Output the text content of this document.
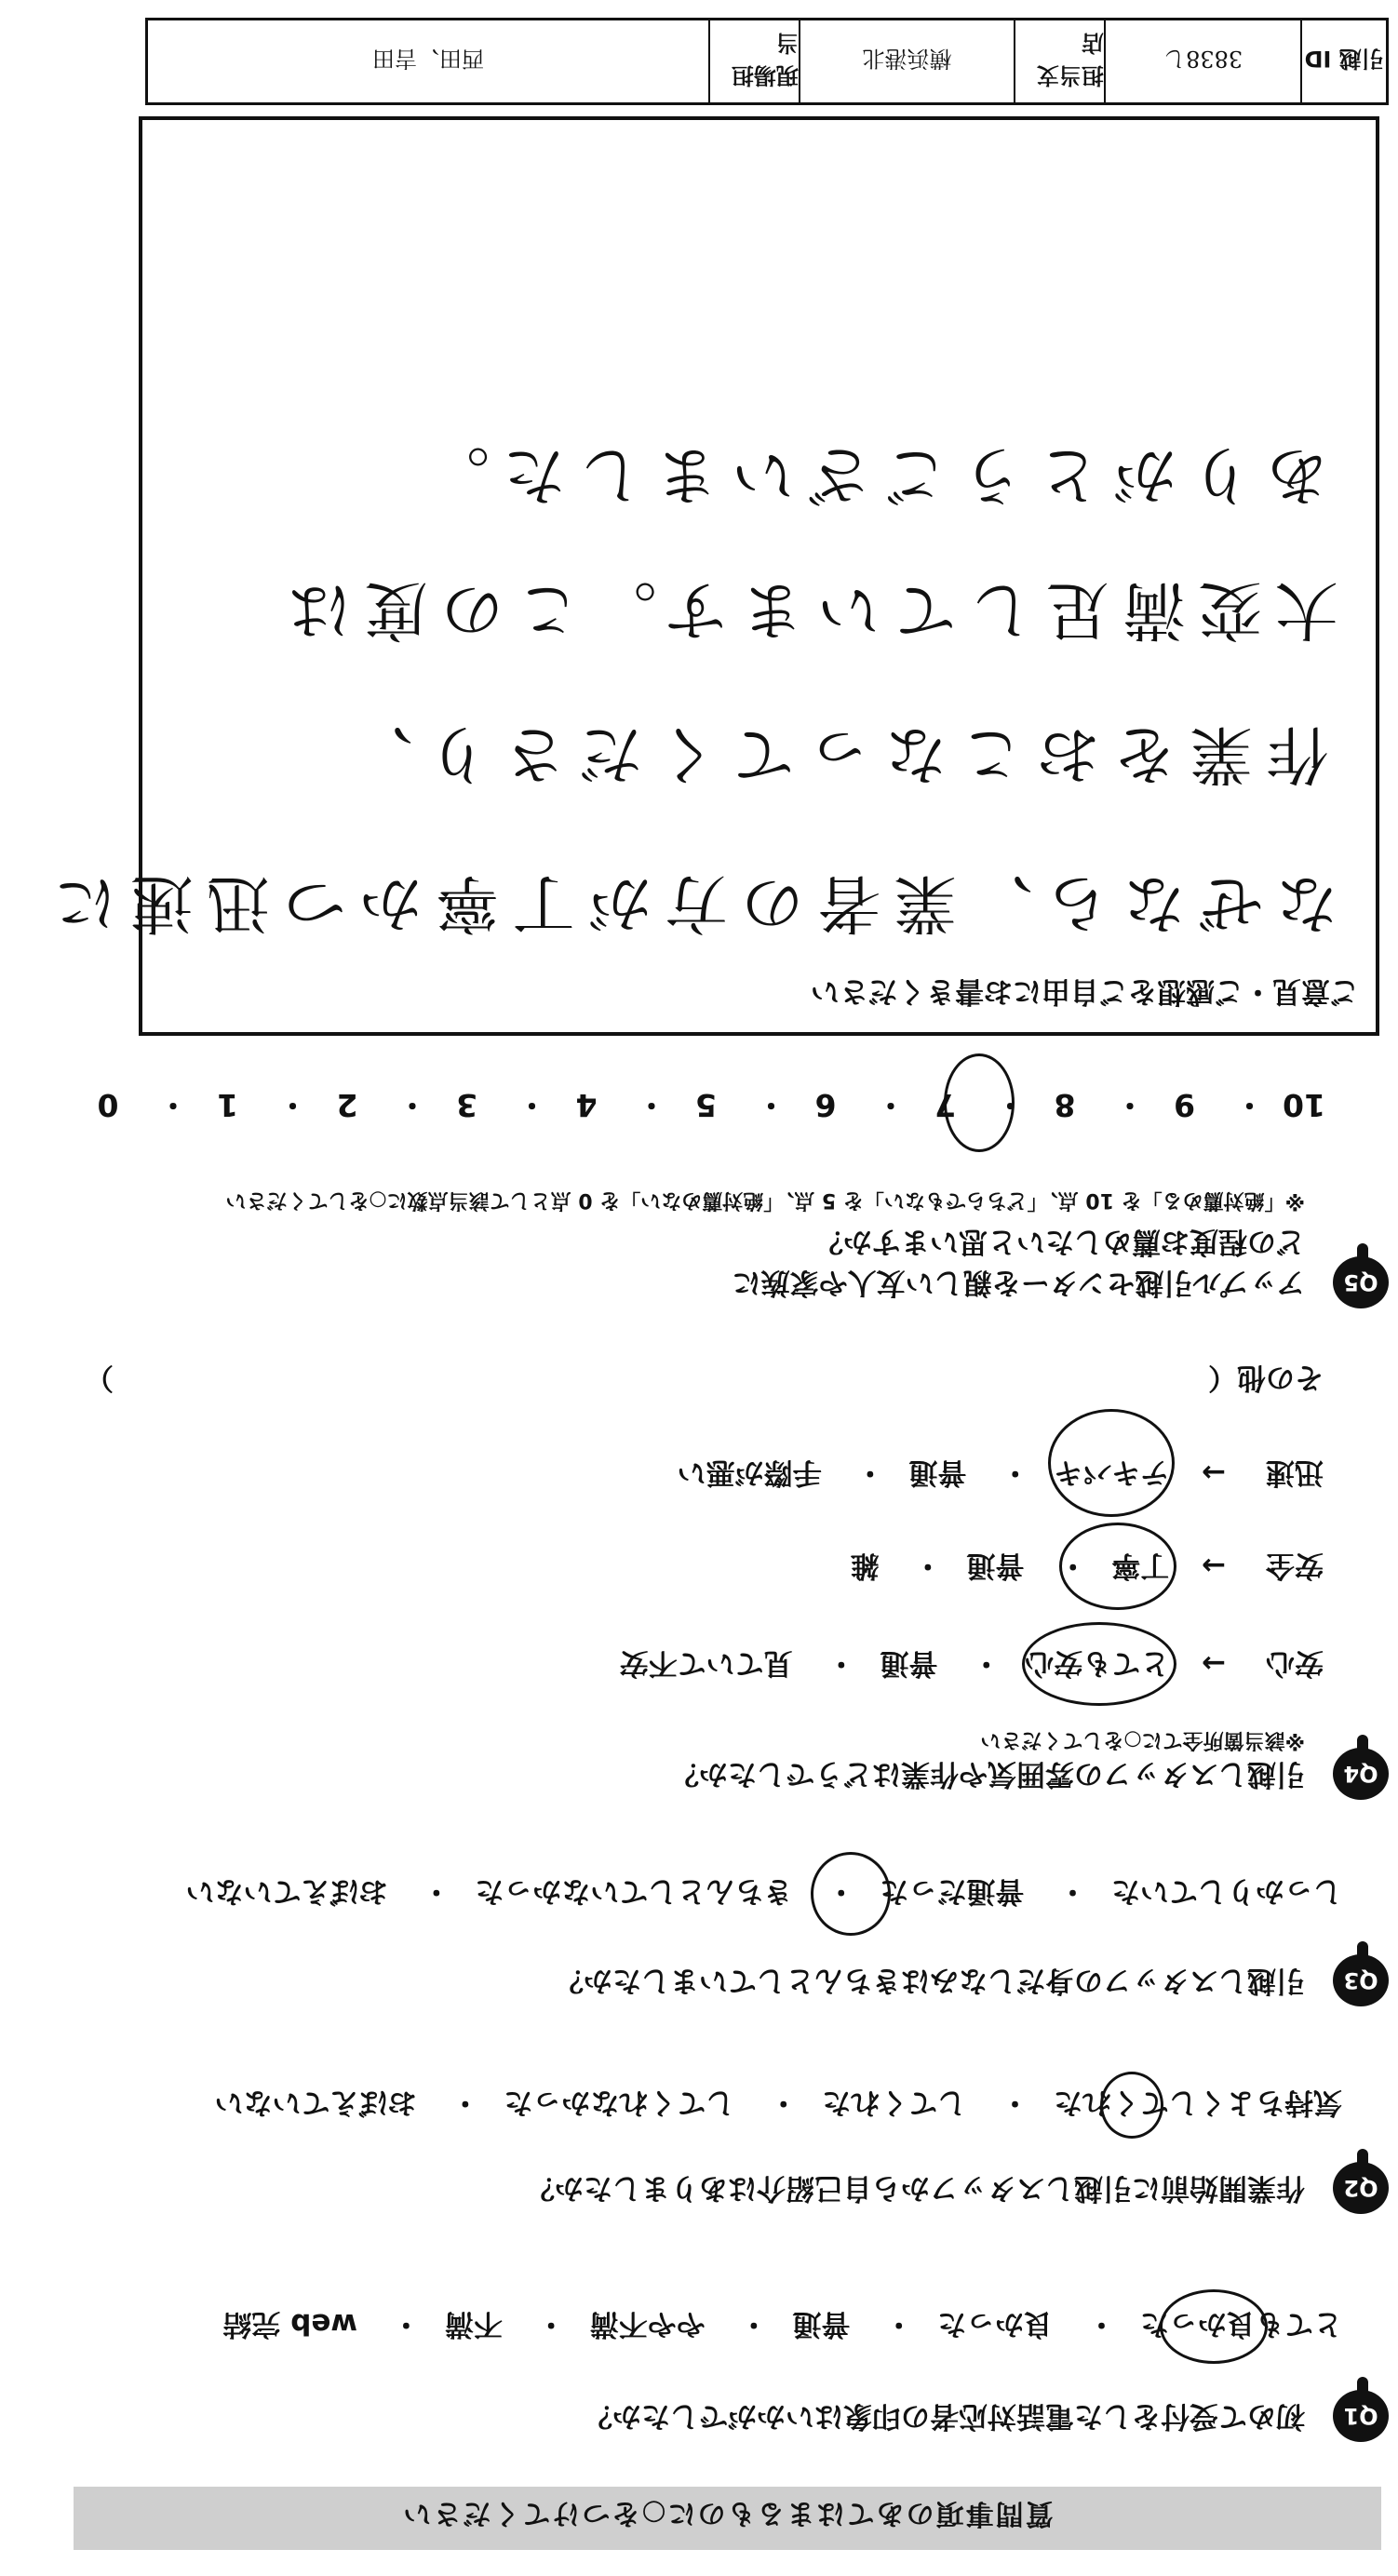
質問事項のあてはまるものに○をつけてください
Q1
初めて受付をした電話対応者の印象はいかがでしたか？
とても良かった・ 良かった・ 普通・ やや不満・ 不満・ web 完結
Q2
作業開始前に引越しスタッフから自己紹介はありましたか？
気持ちよくしてくれた・ してくれた・ してくれなかった・ おぼえていない
Q3
引越しスタッフの身だしなみはきちんとしていましたか？
しっかりしていた・ 普通だった・ きちんとしていなかった・ おぼえていない
Q4
引越しスタッフの雰囲気や作業はどうでしたか？
※該当箇所全てに○をしてください
安心→ とても安心・ 普通・ 見ていて不安
安全→ 丁寧・ 普通・ 雑
迅速→ テキパキ・ 普通・ 手際が悪い
その他（
）
Q5
アップル引越センターを親しい友人や家族に
どの程度お薦めしたいと思いますか？
※「絶対薦める」を 10 点、「どちらでもない」を 5 点、「絶対薦めない」を 0 点として該当点数に○をしてください
10・ 9・ 8・ 7・ 6・ 5・ 4・ 3・ 2・ 1・ 0
ご意見・ご感想をご自由にお書きください
なぜなら、業者の方が丁寧かつ迅速に
作業をおこなってくださり、
大変満足しています。この度は
ありがとうございました。
引越 ID
3838し
担当支店
横浜港北
現場担当
西田、吉田
